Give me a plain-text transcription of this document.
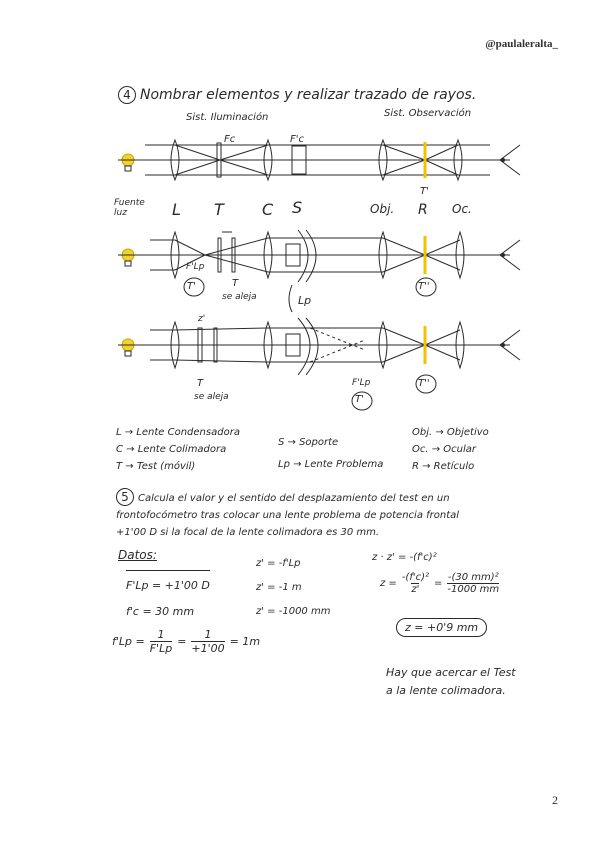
@paulaleralta_
4 Nombrar elementos y realizar trazado de rayos.
Sist. Iluminación	Sist. Observación
Fc	F'c
T'
Fuente
luz	L T C S	Obj. R Oc.
F'Lp
T
T'	T''
se aleja	Lp
z'
T
se aleja
F'Lp
T'
T''
L → Lente Condensadora
C → Lente Colimadora
T → Test (móvil)
S → Soporte
Lp → Lente Problema
Obj. → Objetivo
Oc. → Ocular
R → Retículo
5 Calcula el valor y el sentido del desplazamiento del test en un
frontofocómetro tras colocar una lente problema de potencia frontal
+1'00 D si la focal de la lente colimadora es 30 mm.
Datos:
F'Lp = +1'00 D
f'c = 30 mm
$f'Lp = \frac{1}{F'Lp} = \frac{1}{+1'00} = 1m$
z' = -f'Lp
z' = -1 m
z' = -1000 mm
z · z' = -(f'c)²
$z = \frac{\text{-(f'c)²}}{z'} = \frac{\text{-(30 mm)²}}{-1000 mm}$
z = +0'9 mm
Hay que acercar el Test
a la lente colimadora.
2
